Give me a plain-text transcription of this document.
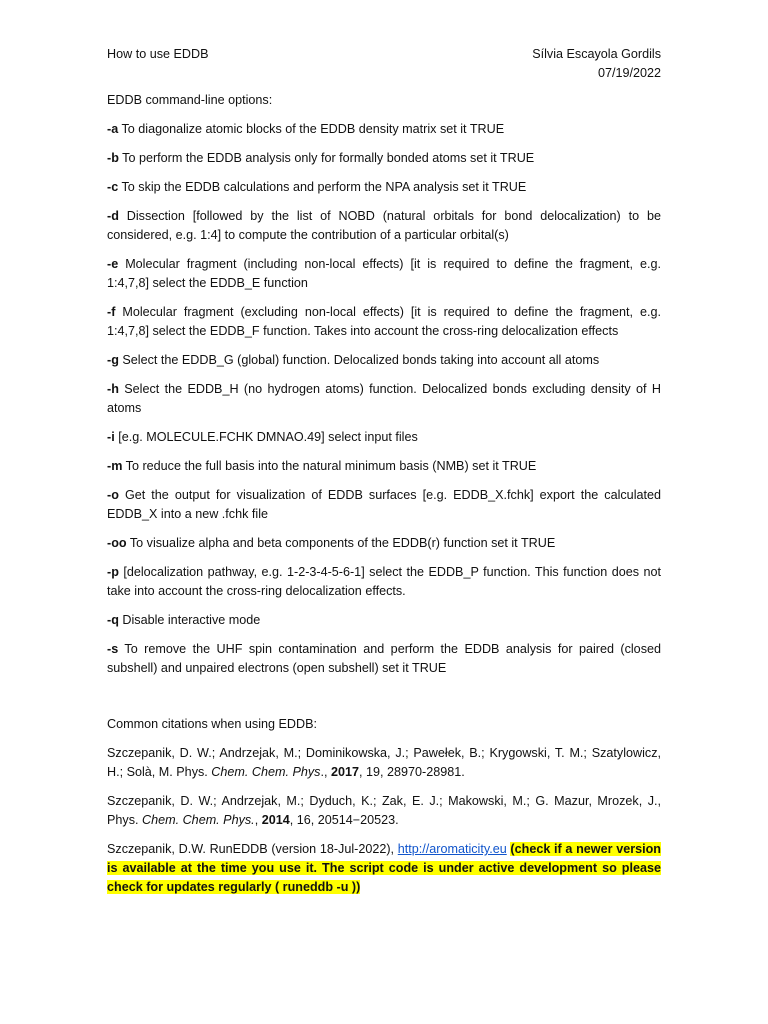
How to use EDDB	Sílvia Escayola Gordils
07/19/2022

EDDB command-line options:

-a To diagonalize atomic blocks of the EDDB density matrix set it TRUE

-b To perform the EDDB analysis only for formally bonded atoms set it TRUE

-c To skip the EDDB calculations and perform the NPA analysis set it TRUE

-d Dissection [followed by the list of NOBD (natural orbitals for bond delocalization) to be considered, e.g. 1:4] to compute the contribution of a particular orbital(s)

-e Molecular fragment (including non-local effects) [it is required to define the fragment, e.g. 1:4,7,8] select the EDDB_E function

-f Molecular fragment (excluding non-local effects) [it is required to define the fragment, e.g. 1:4,7,8] select the EDDB_F function. Takes into account the cross-ring delocalization effects

-g Select the EDDB_G (global) function. Delocalized bonds taking into account all atoms

-h Select the EDDB_H (no hydrogen atoms) function. Delocalized bonds excluding density of H atoms

-i [e.g. MOLECULE.FCHK DMNAO.49] select input files

-m To reduce the full basis into the natural minimum basis (NMB) set it TRUE

-o Get the output for visualization of EDDB surfaces [e.g. EDDB_X.fchk] export the calculated EDDB_X into a new .fchk file

-oo To visualize alpha and beta components of the EDDB(r) function set it TRUE

-p [delocalization pathway, e.g. 1-2-3-4-5-6-1] select the EDDB_P function. This function does not take into account the cross-ring delocalization effects.

-q Disable interactive mode

-s To remove the UHF spin contamination and perform the EDDB analysis for paired (closed subshell) and unpaired electrons (open subshell) set it TRUE

Common citations when using EDDB:

Szczepanik, D. W.; Andrzejak, M.; Dominikowska, J.; Pawełek, B.; Krygowski, T. M.; Szatylowicz, H.; Solà, M. Phys. Chem. Chem. Phys., 2017, 19, 28970-28981.

Szczepanik, D. W.; Andrzejak, M.; Dyduch, K.; Zak, E. J.; Makowski, M.; G. Mazur, Mrozek, J., Phys. Chem. Chem. Phys., 2014, 16, 20514−20523.

Szczepanik, D.W. RunEDDB (version 18-Jul-2022), http://aromaticity.eu (check if a newer version is available at the time you use it. The script code is under active development so please check for updates regularly ( runeddb -u ))
